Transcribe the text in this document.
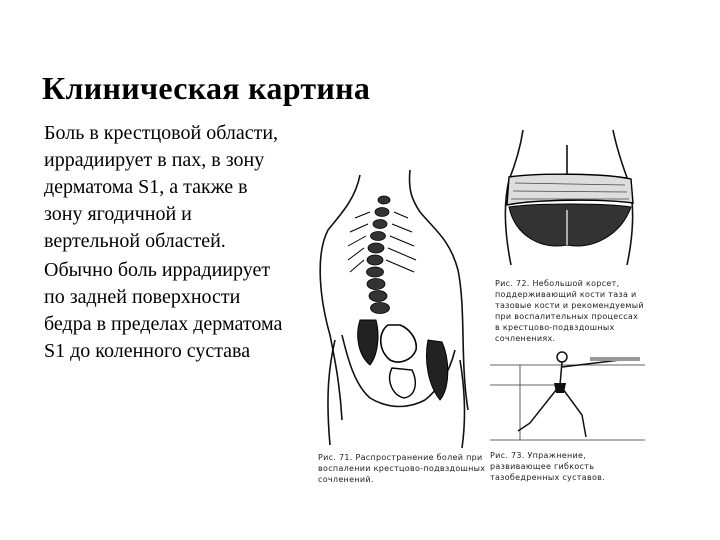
Клиническая картина

Боль в крестцовой области, иррадиирует в пах, в зону дерматома S1, а также в зону ягодичной и вертельной областей.

Обычно боль иррадиирует по задней поверхности бедра в пределах дерматома S1 до коленного сустава

Рис. 71. Распространение болей при воспалении крестцово-подвздошных сочленений.
Рис. 72. Небольшой корсет, поддерживающий кости таза и тазовые кости и рекомендуемый при воспалительных процессах в крестцово-подвздошных сочленениях.
Рис. 73. Упражнение, развивающее гибкость тазобедренных суставов.
